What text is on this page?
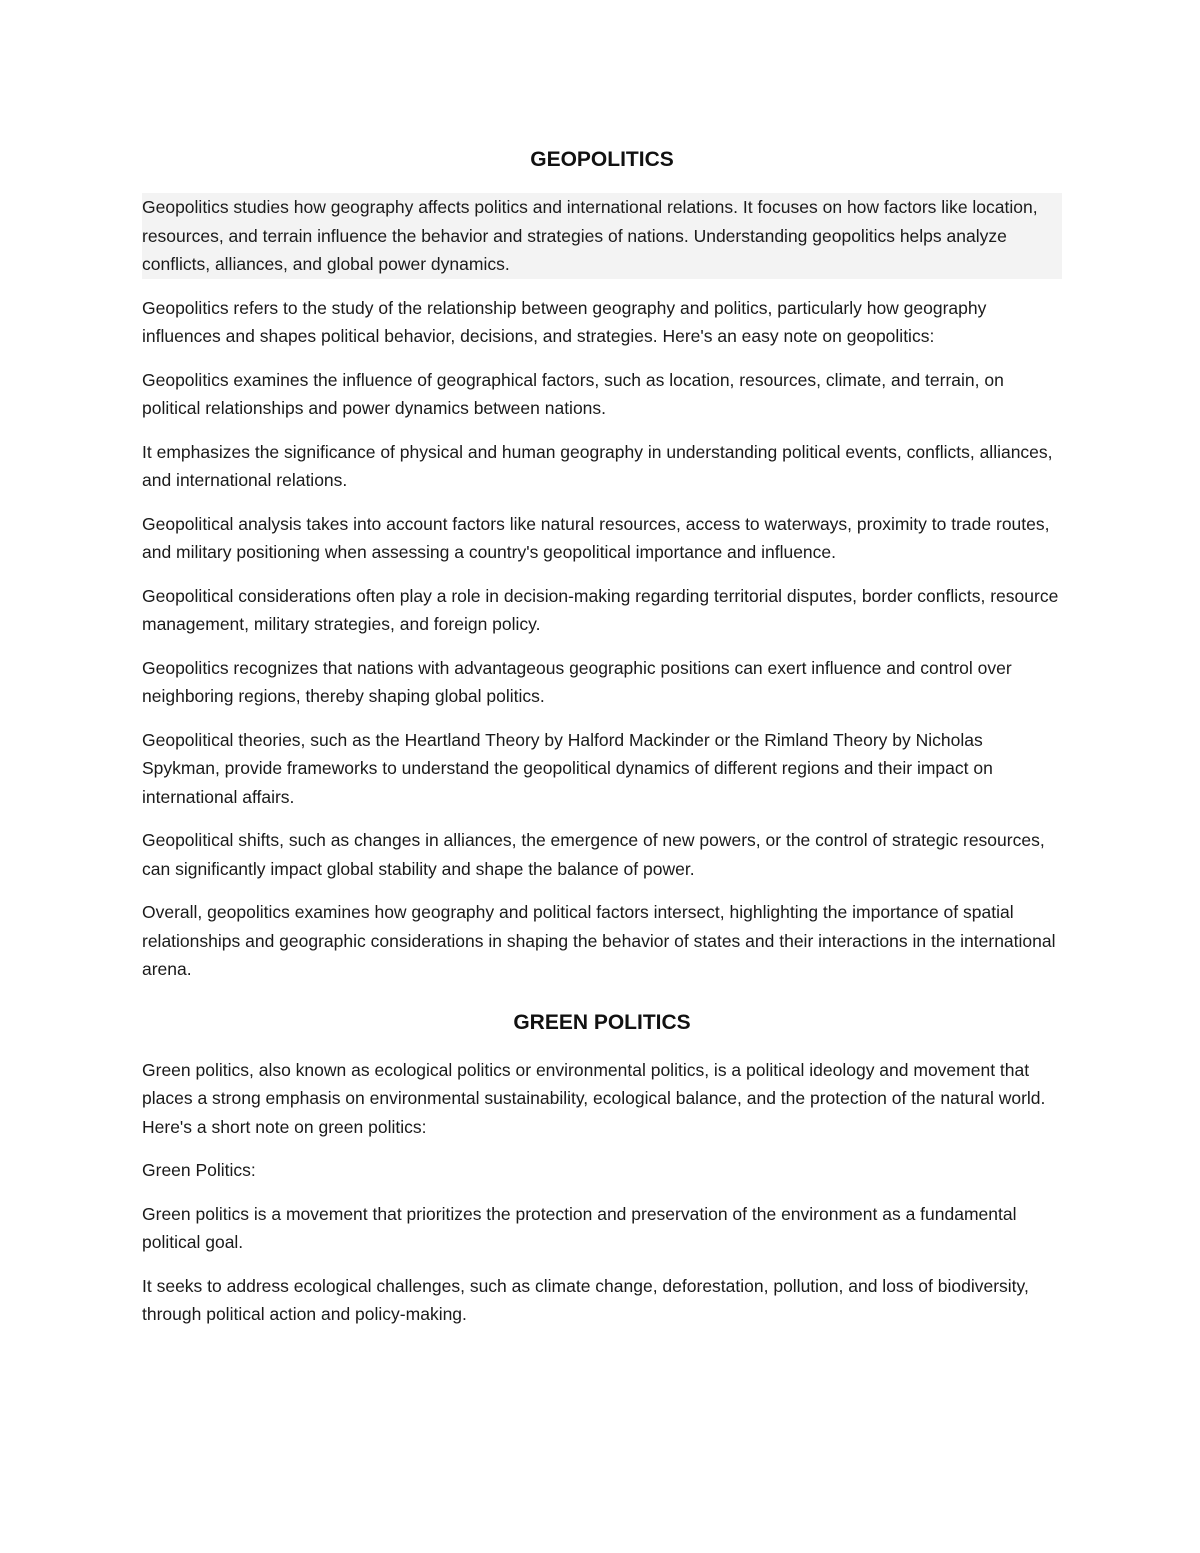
GEOPOLITICS

Geopolitics studies how geography affects politics and international relations. It focuses on how factors like location, resources, and terrain influence the behavior and strategies of nations. Understanding geopolitics helps analyze conflicts, alliances, and global power dynamics.

Geopolitics refers to the study of the relationship between geography and politics, particularly how geography influences and shapes political behavior, decisions, and strategies. Here's an easy note on geopolitics:

Geopolitics examines the influence of geographical factors, such as location, resources, climate, and terrain, on political relationships and power dynamics between nations.

It emphasizes the significance of physical and human geography in understanding political events, conflicts, alliances, and international relations.

Geopolitical analysis takes into account factors like natural resources, access to waterways, proximity to trade routes, and military positioning when assessing a country's geopolitical importance and influence.

Geopolitical considerations often play a role in decision-making regarding territorial disputes, border conflicts, resource management, military strategies, and foreign policy.

Geopolitics recognizes that nations with advantageous geographic positions can exert influence and control over neighboring regions, thereby shaping global politics.

Geopolitical theories, such as the Heartland Theory by Halford Mackinder or the Rimland Theory by Nicholas Spykman, provide frameworks to understand the geopolitical dynamics of different regions and their impact on international affairs.

Geopolitical shifts, such as changes in alliances, the emergence of new powers, or the control of strategic resources, can significantly impact global stability and shape the balance of power.

Overall, geopolitics examines how geography and political factors intersect, highlighting the importance of spatial relationships and geographic considerations in shaping the behavior of states and their interactions in the international arena.

GREEN POLITICS

Green politics, also known as ecological politics or environmental politics, is a political ideology and movement that places a strong emphasis on environmental sustainability, ecological balance, and the protection of the natural world. Here's a short note on green politics:

Green Politics:

Green politics is a movement that prioritizes the protection and preservation of the environment as a fundamental political goal.

It seeks to address ecological challenges, such as climate change, deforestation, pollution, and loss of biodiversity, through political action and policy-making.
